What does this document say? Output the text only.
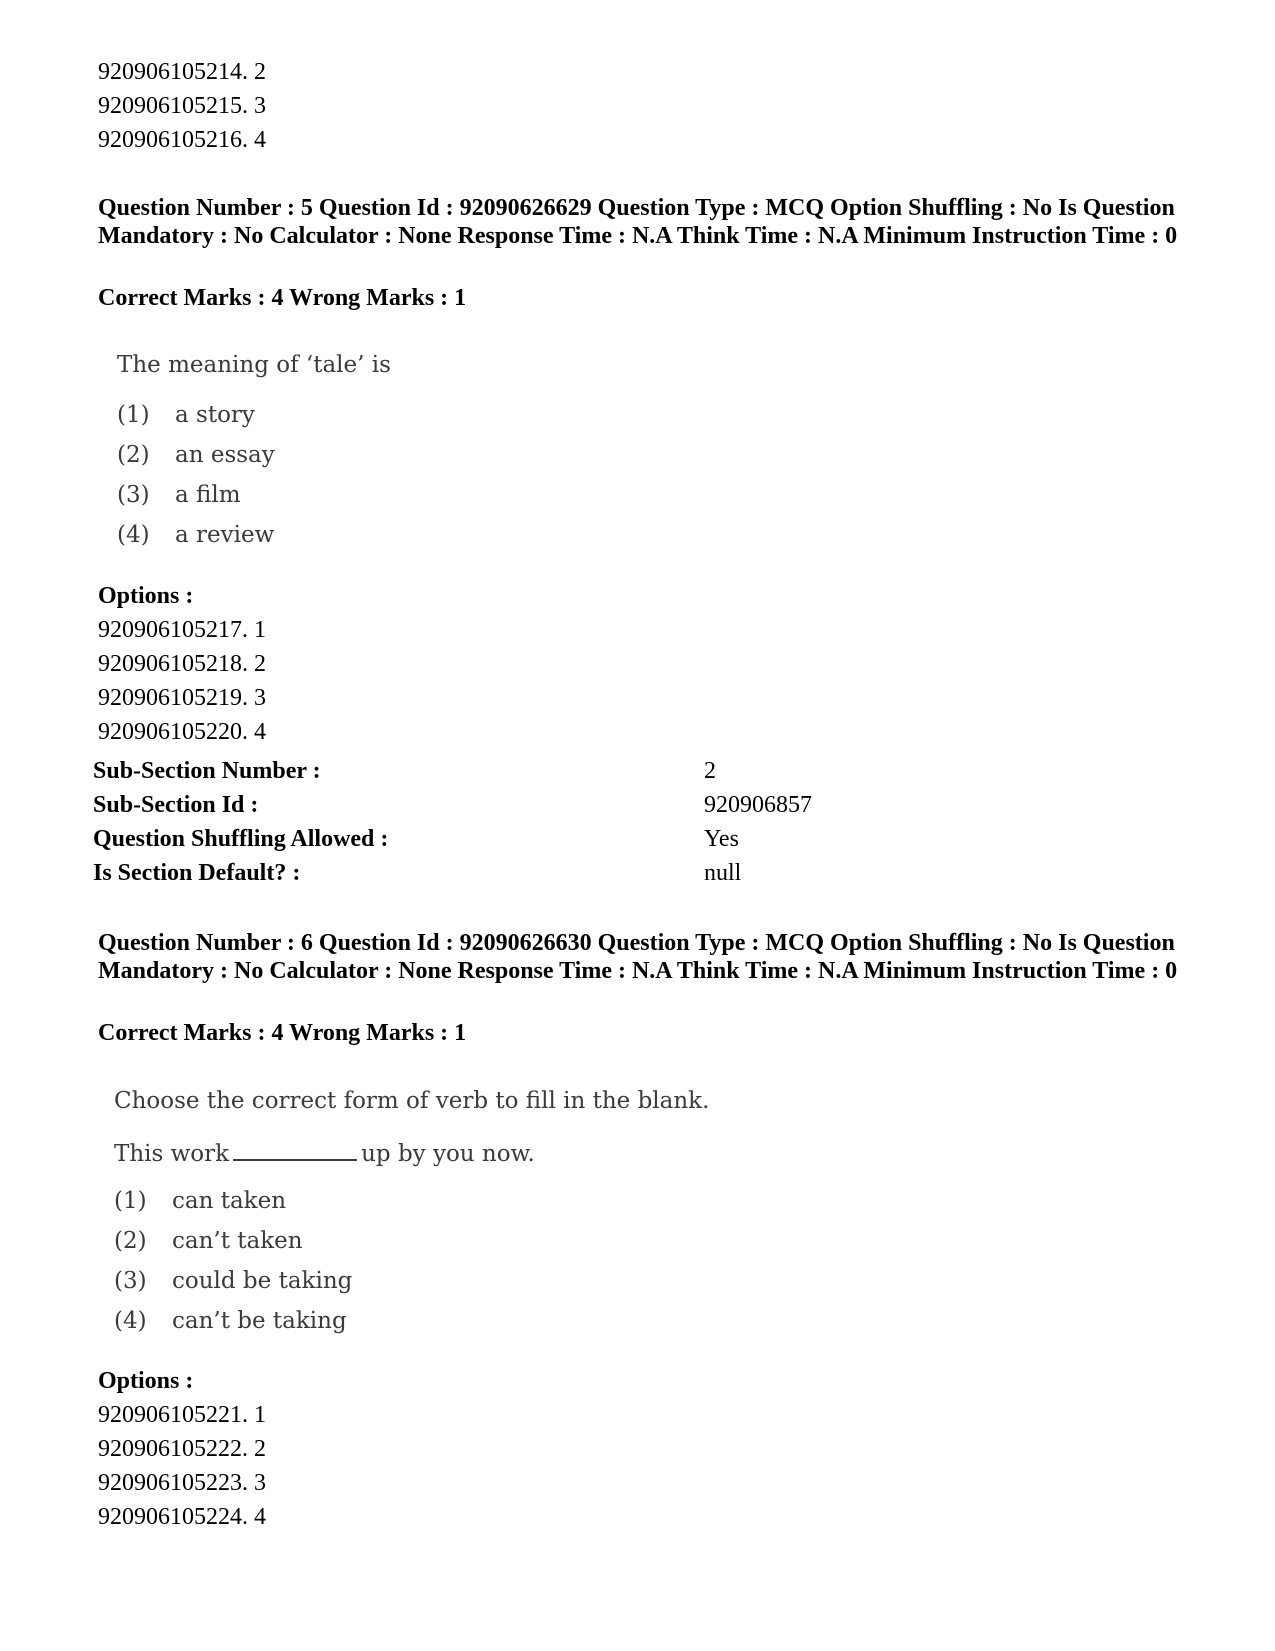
920906105214. 2
920906105215. 3
920906105216. 4
Question Number : 5 Question Id : 92090626629 Question Type : MCQ Option Shuffling : No Is Question Mandatory : No Calculator : None Response Time : N.A Think Time : N.A Minimum Instruction Time : 0
Correct Marks : 4 Wrong Marks : 1
The meaning of ‘tale’ is
(1) a story
(2) an essay
(3) a film
(4) a review
Options :
920906105217. 1
920906105218. 2
920906105219. 3
920906105220. 4
Sub-Section Number :	2
Sub-Section Id :	920906857
Question Shuffling Allowed :	Yes
Is Section Default? :	null
Question Number : 6 Question Id : 92090626630 Question Type : MCQ Option Shuffling : No Is Question Mandatory : No Calculator : None Response Time : N.A Think Time : N.A Minimum Instruction Time : 0
Correct Marks : 4 Wrong Marks : 1
Choose the correct form of verb to fill in the blank.
This work	up by you now.
(1) can taken
(2) can’t taken
(3) could be taking
(4) can’t be taking
Options :
920906105221. 1
920906105222. 2
920906105223. 3
920906105224. 4
